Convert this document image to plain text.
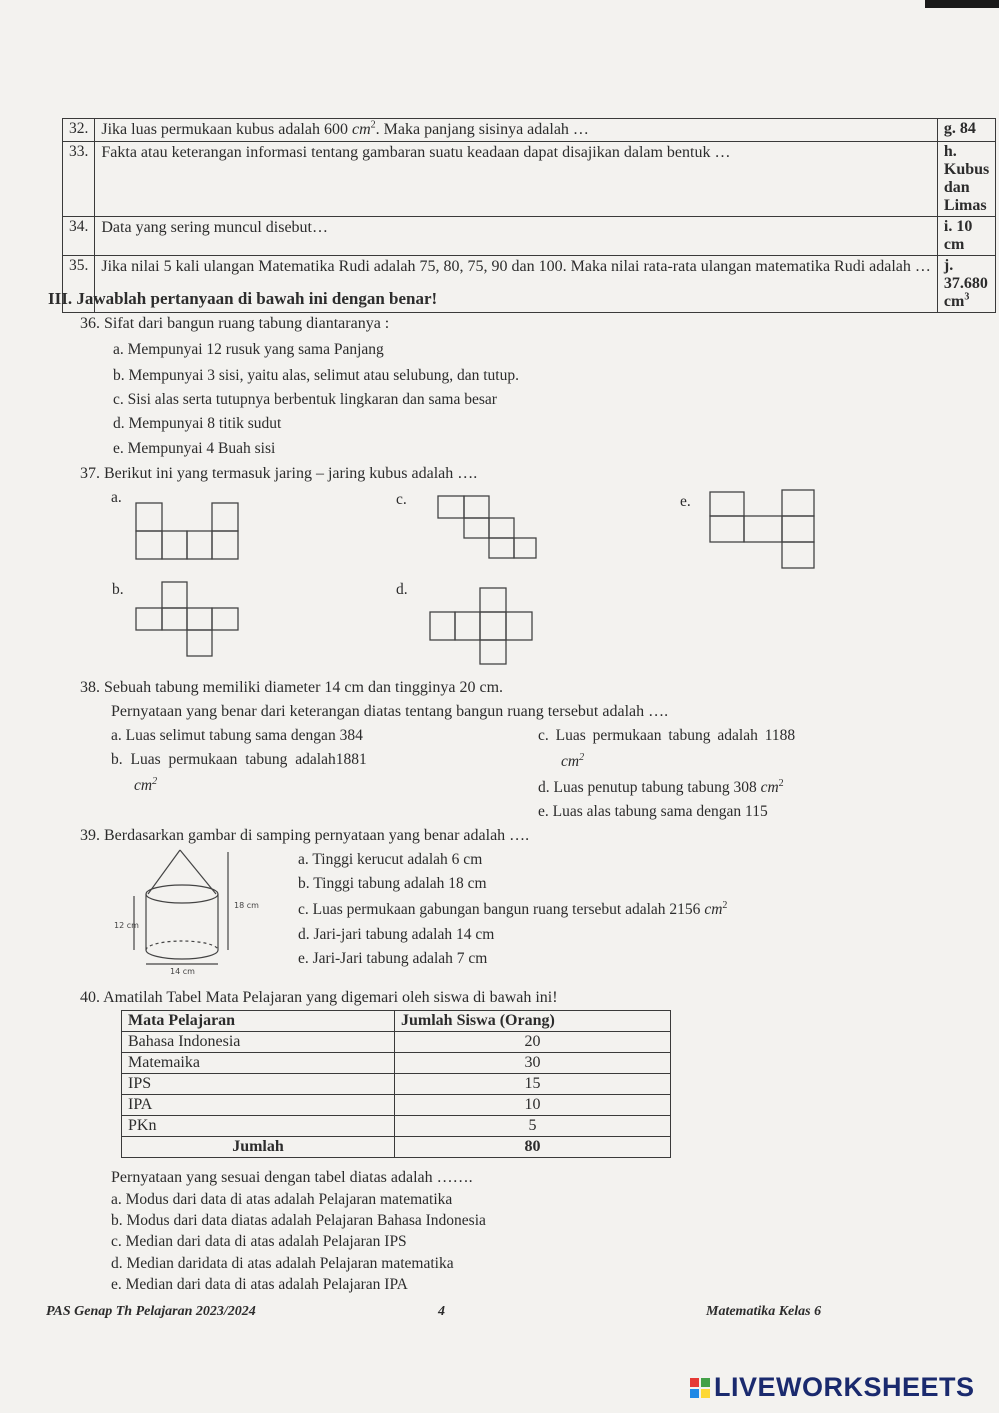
32.	Jika luas permukaan kubus adalah 600 $cm^2$. Maka panjang sisinya adalah …	g. 84
33.	Fakta atau keterangan informasi tentang gambaran suatu keadaan dapat disajikan dalam bentuk …	h. Kubus dan Limas
34.	Data yang sering muncul disebut…	i. 10 cm
35.	Jika nilai 5 kali ulangan Matematika Rudi adalah 75, 80, 75, 90 dan 100. Maka nilai rata-rata ulangan matematika Rudi adalah …	j. 37.680 $cm^3$
III. Jawablah pertanyaan di bawah ini dengan benar!
36. Sifat dari bangun ruang tabung diantaranya :
a. Mempunyai 12 rusuk yang sama Panjang
b. Mempunyai 3 sisi, yaitu alas, selimut atau selubung, dan tutup.
c. Sisi alas serta tutupnya berbentuk lingkaran dan sama besar
d. Mempunyai 8 titik sudut
e. Mempunyai 4 Buah sisi
37. Berikut ini yang termasuk jaring – jaring kubus adalah ….
a.	c.	e.
b.	d.
38. Sebuah tabung memiliki diameter 14 cm dan tingginya 20 cm.
Pernyataan yang benar dari keterangan diatas tentang bangun ruang tersebut adalah ….
a. Luas selimut tabung sama dengan 384
b. Luas permukaan tabung adalah1881
$cm^2$
c. Luas permukaan tabung adalah 1188
$cm^2$
d. Luas penutup tabung tabung 308 $cm^2$
e. Luas alas tabung sama dengan 115
39. Berdasarkan gambar di samping pernyataan yang benar adalah ….
18 cm
12 cm
14 cm
a. Tinggi kerucut adalah 6 cm
b. Tinggi tabung adalah 18 cm
c. Luas permukaan gabungan bangun ruang tersebut adalah 2156 $cm^2$
d. Jari-jari tabung adalah 14 cm
e. Jari-Jari tabung adalah 7 cm
40. Amatilah Tabel Mata Pelajaran yang digemari oleh siswa di bawah ini!
Mata Pelajaran	Jumlah Siswa (Orang)
Bahasa Indonesia	20
Matemaika	30
IPS	15
IPA	10
PKn	5
Jumlah	80
Pernyataan yang sesuai dengan tabel diatas adalah …….
a. Modus dari data di atas adalah Pelajaran matematika
b. Modus dari data diatas adalah Pelajaran Bahasa Indonesia
c. Median dari data di atas adalah Pelajaran IPS
d. Median daridata di atas adalah Pelajaran matematika
e. Median dari data di atas adalah Pelajaran IPA
PAS Genap Th Pelajaran 2023/2024	4	Matematika Kelas 6
LIVEWORKSHEETS
